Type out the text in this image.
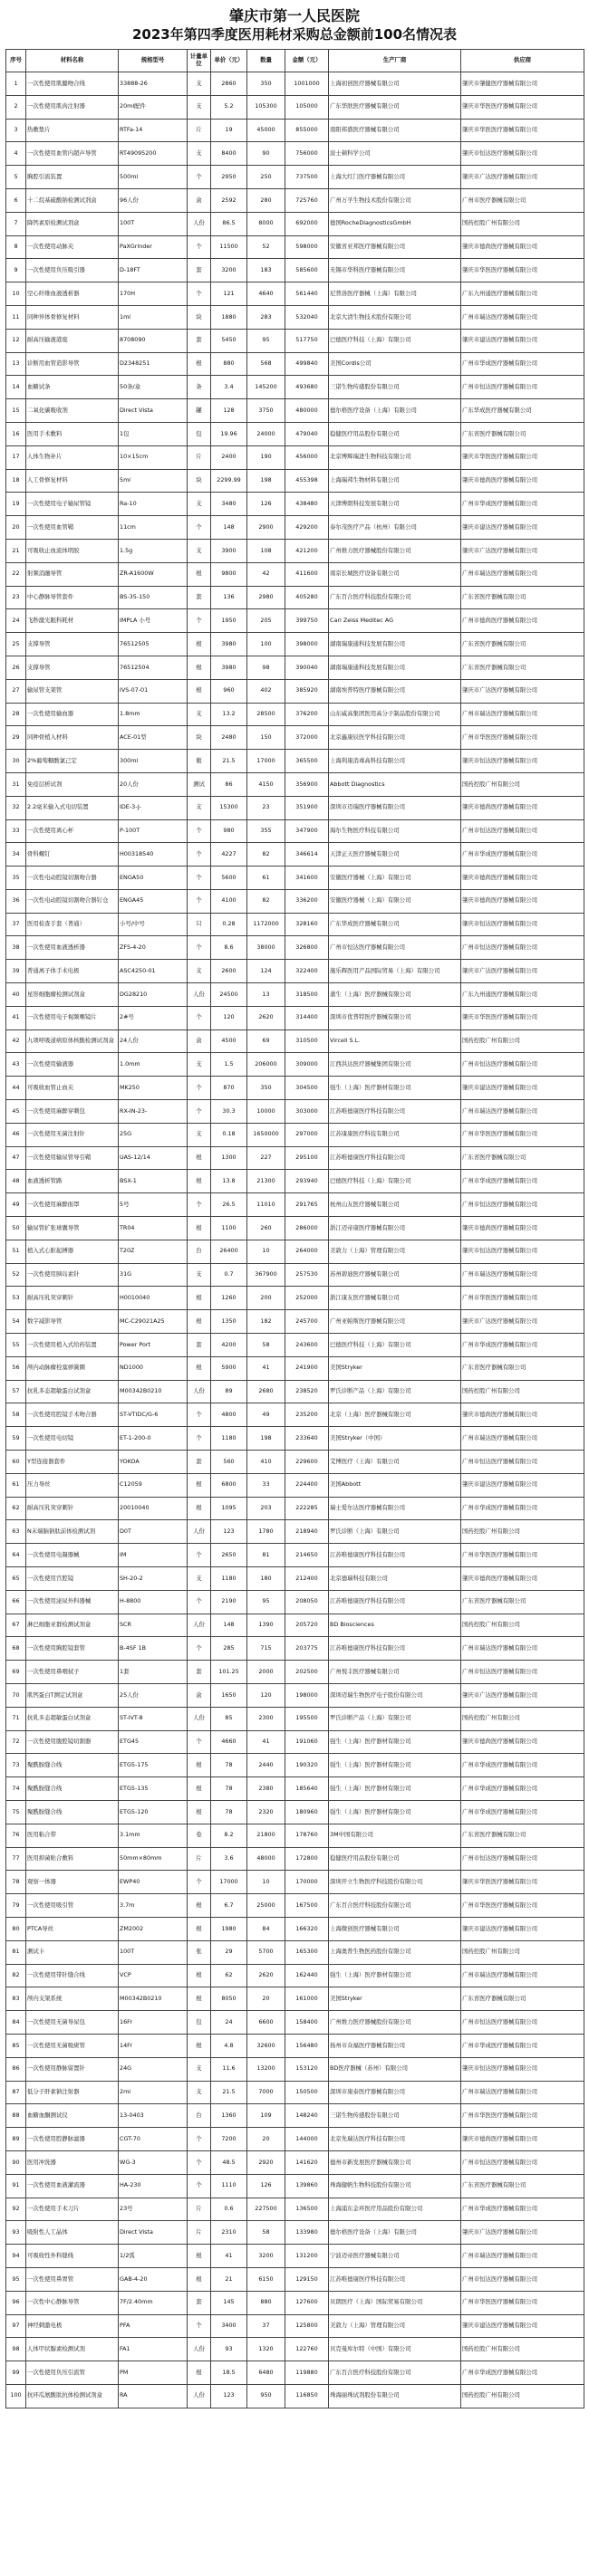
肇庆市第一人民医院
2023年第四季度医用耗材采购总金额前100名情况表
序号	材料名称	规格型号	计量单位	单价（元）	数量	金额（元）	生产厂商	供应商
1	一次性使用肌腱吻合线	33888-26	支	2860	350	1001000	上海初创医疗器械有限公司	肇庆市肇健医疗器械有限公司
2	一次性使用肌肉注射器	20ml配件	支	5.2	105300	105000	广东华肤医疗器械有限公司	肇庆市华医医疗器械有限公司
3	热敷垫片	RTFa-14	片	19	45000	855000	南阳邦盛医疗器械有限公司	肇庆市华医医疗器械有限公司
4	一次性使用血管内超声导管	RT49095200	支	8400	90	756000	波士顿科学公司	肇庆市恒达医疗器械有限公司
5	胸腔引流装置	500ml	个	2950	250	737500	上海大红门医疗器械有限公司	肇庆市广达医疗器械有限公司
6	十二烷基硫酸钠检测试剂盒	96人份	盒	2592	280	725760	广州万孚生物技术股份有限公司	广州市医疗器械有限公司
7	降钙素原检测试剂盒	100T	人份	86.5	8000	692000	德国RocheDiagnosticsGmbH	国药控股广州有限公司
8	一次性使用动脉夹	PaXGrinder	个	11500	52	598000	安徽省亚邦医疗器械有限公司	肇庆市德尚医疗器械有限公司
9	一次性使用负压吸引器	D-18FT	套	3200	183	585600	无锡市华科医疗器械有限公司	肇庆市华医医疗器械有限公司
10	空心纤维血液透析器	170H	个	121	4640	561440	尼普洛医疗器械（上海）有限公司	广东九州通医疗器械有限公司
11	同种异体骨修复材料	1ml	块	1880	283	532040	北京大清生物技术股份有限公司	广州市瑞达医疗器械有限公司
12	耐高压输液港座	8708090	套	5450	95	517750	巴德医疗科技（上海）有限公司	肇庆市建达医疗器械有限公司
13	诊断用血管造影导管	D2348251	根	880	568	499840	美国Cordis公司	广州市华成医疗器械有限公司
14	血糖试条	50条/盒	条	3.4	145200	493680	三诺生物传感股份有限公司	广州市恒达医疗器械有限公司
15	二氧化碳吸收剂	Direct Vista	罐	128	3750	480000	德尔格医疗设备（上海）有限公司	广东华成医疗器械有限公司
16	医用手术敷料	1包	包	19.96	24000	479040	稳健医疗用品股份有限公司	广东省医疗器械有限公司
17	人体生物补片	10×15cm	片	2400	190	456000	北京博辉瑞进生物科技有限公司	肇庆市华医医疗器械有限公司
18	人工骨修复材料	5ml	块	2299.99	198	455398	上海瑞邦生物材料有限公司	肇庆市德尚医疗器械有限公司
19	一次性使用电子输尿管镜	Ra-10	支	3480	126	438480	天津博朗科技发展有限公司	广州市华成医疗器械有限公司
20	一次性使用血管鞘	11cm	个	148	2900	429200	泰尔茂医疗产品（杭州）有限公司	肇庆市建达医疗器械有限公司
21	可吸收止血流体明胶	1.5g	支	3900	108	421200	广州维力医疗器械股份有限公司	肇庆市广达医疗器械有限公司
22	射频消融导管	ZR-A1600W	根	9800	42	411600	南京长城医疗设备有限公司	广州市瑞达医疗器械有限公司
23	中心静脉导管套件	BS-35-150	套	136	2980	405280	广东百合医疗科技股份有限公司	广东省医疗器械有限公司
24	飞秒激光眼科耗材	IMPLA 小号	个	1950	205	399750	Carl Zeiss Meditec AG	广州市德尚医疗器械有限公司
25	支撑导管	76512505	根	3980	100	398000	湖南瑞康通科技发展有限公司	广东省医疗器械有限公司
26	支撑导管	76512504	根	3980	98	390040	湖南瑞康通科技发展有限公司	广东省医疗器械有限公司
27	输尿管支架管	IVS-07-01	根	960	402	385920	湖南埃普特医疗器械有限公司	肇庆市广达医疗器械有限公司
28	一次性使用输血器	1.8mm	支	13.2	28500	376200	山东威高集团医用高分子制品股份有限公司	广州市瑞达医疗器械有限公司
29	同种骨植入材料	ACE-01型	块	2480	150	372000	北京鑫康辰医学科技有限公司	广州市华医医疗器械有限公司
30	2%葡萄糖酸氯己定	300ml	瓶	21.5	17000	365500	上海利康消毒高科技有限公司	肇庆市恒达医疗器械有限公司
31	免疫层析试剂	20人份	测试	86	4150	356900	Abbott Diagnostics	国药控股广州有限公司
32	2.2毫米输入式电切装置	IDE-3-J-	支	15300	23	351900	深圳市迈瑞医疗器械有限公司	肇庆市德尚医疗器械有限公司
33	一次性使用离心杯	P-100T	个	980	355	347900	海尔生物医疗科技有限公司	广州市恒达医疗器械有限公司
34	骨科螺钉	H00318540	个	4227	82	346614	天津正天医疗器械有限公司	广州市华成医疗器械有限公司
35	一次性电动腔镜切割吻合器	ENGA50	个	5600	61	341600	安徽医疗器械（上海）有限公司	肇庆市德尚医疗器械有限公司
36	一次性电动腔镜切割吻合器钉仓	ENGA45	个	4100	82	336200	安徽医疗器械（上海）有限公司	肇庆市德尚医疗器械有限公司
37	医用检查手套（普通）	小号/中号	只	0.28	1172000	328160	广东华成医疗器械有限公司	肇庆市恒达医疗器械有限公司
38	一次性使用血液透析器	ZFS-4-20	个	8.6	38000	326800	广州市恒达医疗器械有限公司	广州市恒达医疗器械有限公司
39	普通离子体手术电极	ASC4250-01	支	2600	124	322400	施乐辉医用产品国际贸易（上海）有限公司	肇庆市广达医疗器械有限公司
40	星形细胞瘤检测试剂盒	DG28210	人份	24500	13	318500	蒲生（上海）医疗器械有限公司	广东九州通医疗器械有限公司
41	一次性使用电子视频喉镜片	2#号	个	120	2620	314400	深圳市优普特医疗器械有限公司	肇庆市华医医疗器械有限公司
42	九项呼吸道病原体核酸检测试剂盒	24人份	盒	4500	69	310500	Vircell S.L.	国药控股广州有限公司
43	一次性使用输液器	1.0mm	支	1.5	206000	309000	江西洪达医疗器械集团有限公司	广州市恒达医疗器械有限公司
44	可吸收血管止血夹	MK250	个	870	350	304500	强生（上海）医疗器材有限公司	肇庆市建达医疗器械有限公司
45	一次性使用麻醉穿刺包	RX-IN-23-	个	30.3	10000	303000	江苏唯德康医疗科技有限公司	广州市瑞达医疗器械有限公司
46	一次性使用无菌注射针	25G	支	0.18	1650000	297000	江苏康康医疗科技有限公司	广州市华医医疗器械有限公司
47	一次性使用输尿管导引鞘	UAS-12/14	根	1300	227	295100	江苏唯德康医疗科技有限公司	广东省医疗器械有限公司
48	血液透析管路	BSX-1	根	13.8	21300	293940	巴德医疗科技（上海）有限公司	广州市华成医疗器械有限公司
49	一次性使用麻醉面罩	5号	个	26.5	11010	291765	杭州山友医疗器械有限公司	广州市恒达医疗器械有限公司
50	输尿管扩张球囊导管	TR04	根	1100	260	286000	浙江迈帝康医疗器械有限公司	肇庆市德尚医疗器械有限公司
51	植入式心脏起搏器	T20Z	台	26400	10	264000	美敦力（上海）管理有限公司	肇庆市恒达医疗器械有限公司
52	一次性使用胰岛素针	31G	支	0.7	367900	257530	苏州碧迪医疗器械有限公司	广州市瑞达医疗器械有限公司
53	耐高压乳突穿刺针	H0010040	根	1260	200	252000	浙江康友医疗器械有限公司	广州市华医医疗器械有限公司
54	数字减影导管	MC-C29021A25	根	1350	182	245700	广州亚帕斯医疗器械有限公司	肇庆市广达医疗器械有限公司
55	一次性使用植入式给药装置	Power Port	套	4200	58	243600	巴德医疗科技（上海）有限公司	广州市华成医疗器械有限公司
56	颅内动脉瘤栓塞弹簧圈	ND1000	根	5900	41	241900	美国Stryker	广东省医疗器械有限公司
57	抗乳多态超敏蛋白试剂盒	M00342B0210	人份	89	2680	238520	罗氏诊断产品（上海）有限公司	国药控股广州有限公司
58	一次性使用腔镜手术吻合器	ST-VTIDC/G-6	个	4800	49	235200	北京（上海）医疗器械有限公司	肇庆市德尚医疗器械有限公司
59	一次性使用电切镜	ET-1-200-0	个	1180	198	233640	美国Stryker（中国）	广州市瑞达医疗器械有限公司
60	Y型连接器套件	YOKOA	套	560	410	229600	艾博医疗（上海）有限公司	广州市恒达医疗器械有限公司
61	压力导丝	C12059	根	6800	33	224400	美国Abbott	肇庆市建达医疗器械有限公司
62	耐高压乳突穿刺针	20010040	根	1095	203	222285	瑞士爱尔达医疗器械有限公司	广州市华成医疗器械有限公司
63	N末端脑钠肽前体检测试剂	D0T	人份	123	1780	218940	罗氏诊断（上海）有限公司	国药控股广州有限公司
64	一次性使用电凝器械	IM	个	2650	81	214650	江苏唯德康医疗科技有限公司	广州市华医医疗器械有限公司
65	一次性使用宫腔镜	SH-20-2	支	1180	180	212400	北京德瑞科技有限公司	肇庆市德尚医疗器械有限公司
66	一次性使用泌尿外科器械	H-8800	个	2190	95	208050	江苏唯德康医疗科技有限公司	广东省医疗器械有限公司
67	淋巴细胞亚群检测试剂盒	SCR	人份	148	1390	205720	BD Biosciences	国药控股广州有限公司
68	一次性使用胸腔镜套管	B-4SF 1B	个	285	715	203775	江苏唯德康医疗科技有限公司	广州市瑞达医疗器械有限公司
69	一次性使用鼻咽拭子	1套	套	101.25	2000	202500	广州悦丰医疗器械有限公司	广州市恒达医疗器械有限公司
70	肌钙蛋白T测定试剂盒	25人份	盒	1650	120	198000	深圳迈瑞生物医疗电子股份有限公司	肇庆市广达医疗器械有限公司
71	抗乳多态超敏蛋白试剂盒	ST-IVT-8	人份	85	2300	195500	罗氏诊断产品（上海）有限公司	国药控股广州有限公司
72	一次性使用腹腔镜切割器	ETG45	个	4660	41	191060	强生（上海）医疗器材有限公司	肇庆市德尚医疗器械有限公司
73	聚酰胺缝合线	ETG5-175	根	78	2440	190320	强生（上海）医疗器材有限公司	广州市华成医疗器械有限公司
74	聚酰胺缝合线	ETG5-135	根	78	2380	185640	强生（上海）医疗器材有限公司	广州市华成医疗器械有限公司
75	聚酰胺缝合线	ETG5-120	根	78	2320	180960	强生（上海）医疗器材有限公司	广州市华成医疗器械有限公司
76	医用粘合带	3.1mm	卷	8.2	21800	178760	3M中国有限公司	广东省医疗器械有限公司
77	医用抑菌贴合敷料	50mm×80mm	片	3.6	48000	172800	稳健医疗用品股份有限公司	广州市恒达医疗器械有限公司
78	观察一体器	EWP40	个	17000	10	170000	深圳开立生物医疗科技股份有限公司	肇庆市华医医疗器械有限公司
79	一次性使用吸引管	3.7m	根	6.7	25000	167500	广东百合医疗科技股份有限公司	广州市华医医疗器械有限公司
80	PTCA导丝	ZM2002	根	1980	84	166320	上海微创医疗器械有限公司	肇庆市建达医疗器械有限公司
81	测试卡	100T	张	29	5700	165300	上海奥普生物医药股份有限公司	国药控股广州有限公司
82	一次性使用带针缝合线	VCP	根	62	2620	162440	强生（上海）医疗器材有限公司	广州市瑞达医疗器械有限公司
83	颅内支架系统	M00342B0210	根	8050	20	161000	美国Stryker	广东省医疗器械有限公司
84	一次性使用无菌导尿包	16Fr	包	24	6600	158400	广州维力医疗器械股份有限公司	广州市恒达医疗器械有限公司
85	一次性使用无菌吸痰管	14Fr	根	4.8	32600	156480	扬州市众福医疗器械有限公司	广州市华成医疗器械有限公司
86	一次性使用静脉留置针	24G	支	11.6	13200	153120	BD医疗器械（苏州）有限公司	肇庆市恒达医疗器械有限公司
87	低分子肝素钠注射器	2ml	支	21.5	7000	150500	深圳市康泰医疗器械有限公司	广州市瑞达医疗器械有限公司
88	血糖血酮测试仪	13-0403	台	1360	109	148240	三诺生物传感股份有限公司	广州市华医医疗器械有限公司
89	一次性使用腔静脉滤器	CGT-70	个	7200	20	144000	北京先瑞达医疗科技有限公司	肇庆市德尚医疗器械有限公司
90	医用冲洗器	WG-3	个	48.5	2920	141620	德州市新发展医疗器械有限公司	广州市恒达医疗器械有限公司
91	一次性使用血液灌流器	HA-230	个	1110	126	139860	珠海健帆生物科技股份有限公司	广东省医疗器械有限公司
92	一次性使用手术刀片	23号	片	0.6	227500	136500	上海浦东金环医疗用品股份有限公司	广州市华成医疗器械有限公司
93	吸附性人工晶体	Direct Vista	片	2310	58	133980	德尔格医疗设备（上海）有限公司	肇庆市广达医疗器械有限公司
94	可吸收性外科缝线	1/2弧	根	41	3200	131200	宁波迈帝医疗器械有限公司	广州市瑞达医疗器械有限公司
95	一次性使用鼻胃管	GAB-4-20	根	21	6150	129150	江苏唯德康医疗科技有限公司	广州市恒达医疗器械有限公司
96	一次性中心静脉导管	7F/2.40mm	套	145	880	127600	贝朗医疗（上海）国际贸易有限公司	广州市华医医疗器械有限公司
97	神经刺激电极	PFA	个	3400	37	125800	美敦力（上海）管理有限公司	肇庆市建达医疗器械有限公司
98	人体甲状腺素检测试剂	FA1	人份	93	1320	122760	贝克曼库尔特（中国）有限公司	国药控股广州有限公司
99	一次性使用负压引流管	PM	根	18.5	6480	119880	广东百合医疗科技股份有限公司	广州市华成医疗器械有限公司
100	抗环瓜氨酸肽抗体检测试剂盒	RA	人份	123	950	116850	珠海丽珠试剂股份有限公司	国药控股广州有限公司
